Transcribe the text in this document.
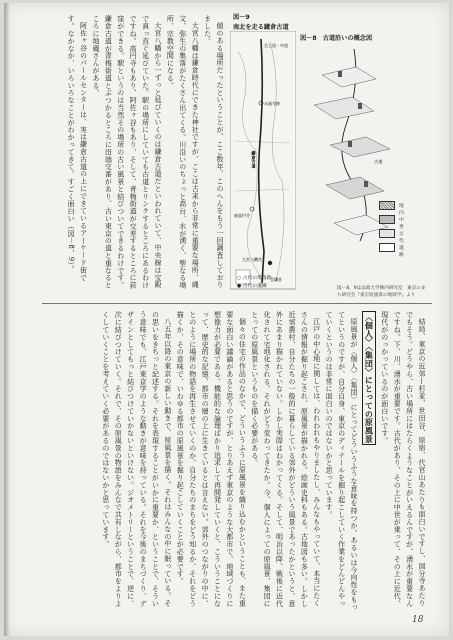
値のある場所だったということが、ここ数年、このへんをもう一回調査しておりました。

大宮八幡は鎌倉時代にできた神社ですが、ここは古来から非常に重要な場所、縄文、弥生の集落がたくさん出てくる。川沿いのちょっと高台、水が湧く、聖なる場所、宗教空間になる。

大宮八幡から一ずっと延びていくのは鎌倉古道だといわれていて、中央線は宝殿で真っ直ぐ延びていた。駅の場所にしていても古道とリンクするところにあるわけですね。高円寺もあり、阿佐ヶ谷もあり、そして、青梅街道が交差するところに荻窪ができる。駅というのは当然その場所の古い風景と結びついてできるわけです。鎌倉古道が青梅街道とぶつかるところに田端交番があり、古い東京の道と重なるところに地蔵さんがある。

阿佐ヶ谷のパールセンターは、実は鎌倉古道の上にできているアーケード街です。なかなか、いろいろなことがわかってきて、すごく面白い（図－8，9）。	図－9
南北を走る鎌倉古道
至上道・中道
永福寺跡
鎌倉古道
東高円寺
大宮八幡宮
至鎌倉
○ 古代の集落跡
● 古代の遺構
図－8 古道沿いの概念図
古道
境内
中世
古代
道路
図－8，9は法政大学陣内研究室　東京のまち研究会『東京原風景の地域学』より

結局、東京の近郊—杉並、世田谷、原宿、代官山あたりも面白いですし、国分寺あたりでもそう。どうやら、古い場所にはたらくようなことがいえるんですが、湧水が重要なんですね。下、川、湧水が重要です。古代があり、その上に中世が乗って、その上に近代、現代がのっかっているのが面白いです。

〈個人〉〈集団〉にとっての原風景

原風景が〈個人〉〈集団〉にとってどういうふうな意味を持つか。あるいは今向性をもってというのですが、自分自身、東京のディテールを掘り起こしていく作業をどんどんやっていくというのは非常に面白いのではないかと思っています。

江戸の中心地に関しては、われわれもやりましたし、みんなもやっていて、本当にたくさんの情報が掘り起こされ、原風景が描かれる。絵画史料もある。古地図も多い。しかし近郊農村、自分たちの一般的に暮らしている郊外がどういう風景であったかというと、意外にあまり描かれていない。しかし実際はわかってくる。そして、明治以降、戦後に近代化されて宅地化される。それがどう変わってきたか。今、個人によっての原風景、集団にとっての原風景というものを描く必要がある。

個々の住宅の作品のなかで、どういうふうに原風景を織り込むかということも、また重要な面白い議論があると思うのですが、とりあえず東京のような大都市で、地域づくりに想像力が必要である。機能的な論理ばかり追求して再開発していくと、こういうことになって、歴史的な記憶、都市の層の上に生きているとは言えない。郊外のつながりの中に、とのように場所の物語を再生させていくのか。自分たちのまちをどう知るか、それをどう描くか、その意味で、いわゆる都市の原風景を掘り起こしていくことが必要です。

八五年以降の東京の新しい動きで、原風景を描く。それはみんなの中に眠っている。その思いをきちっと記述する。それを表現することがいかに重要か、ということで、そういう意味でも、江戸東京学のような動きが意味を持っている。それを今後のまちづくり、デザインとしてもっと結びつけていかないといけない。ジオメトリーということで、逆に、次に結びつけていく。それで、その原風景の物語をみんなで共有しながら、都市をよりよくしていくことを考えていく必要があるのではないかと思っています。

18
